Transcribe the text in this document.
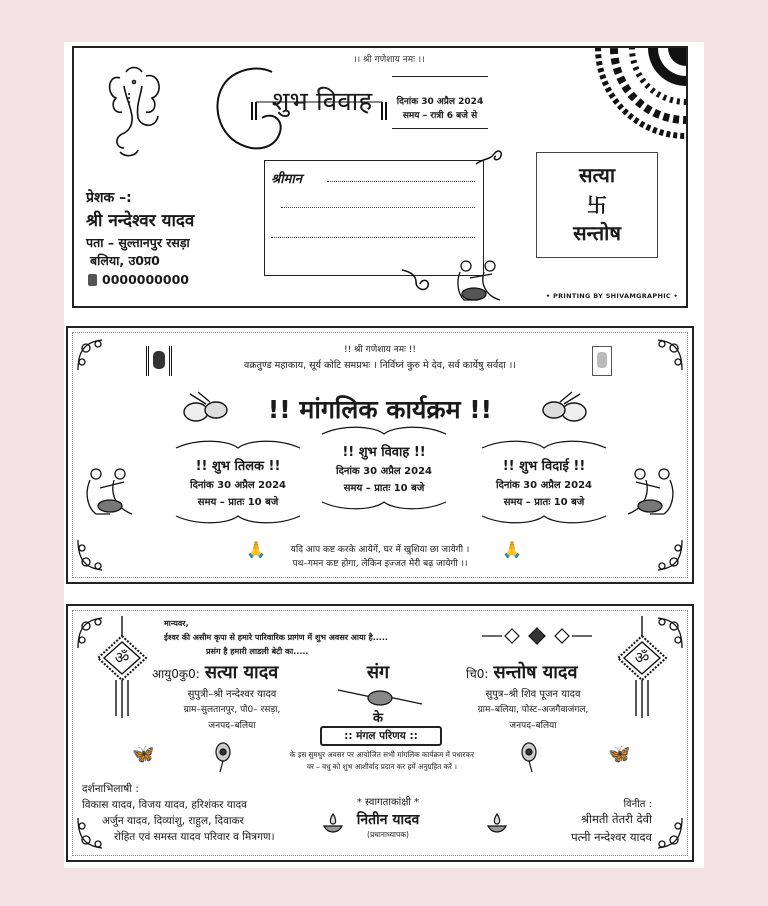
।। श्री गणेशाय नमः ।।
शुभ विवाह	दिनांक 30 अप्रैल 2024
समय – रात्री 6 बजे से
श्रीमान
प्रेशक –:
श्री नन्देश्वर यादव
पता – सुल्तानपुर रसड़ा
बलिया, उ0प्र0
0000000000
सत्या
卐
सन्तोष
• PRINTING BY SHIVAMGRAPHIC •
!! श्री गणेशाय नमः !!
वक्रतुण्ड महाकाय, सूर्य कोटि समप्रभः । निर्विघ्नं कुरु मे देव, सर्व कार्येषु सर्वदा ।।
!! मांगलिक कार्यक्रम !!
!! शुभ तिलक !!
दिनांक 30 अप्रैल 2024
समय – प्रातः 10 बजे
!! शुभ विवाह !!
दिनांक 30 अप्रैल 2024
समय – प्रातः 10 बजे
!! शुभ विदाई !!
दिनांक 30 अप्रैल 2024
समय – प्रातः 10 बजे
🙏	🙏
यदि आप कष्ट करके आयेगें, घर में खुशिया छा जायेगी ।
पथ–गमन कष्ट होगा, लेकिन इज्जत मेरी बढ़ जायेगी ।।
ॐ	ॐ
मान्यवर,
ईश्वर की असीम कृपा से हमारे पारिवारिक प्रागंण में शुभ अवसर आया है.....
प्रसंग है हमारी लाडली बेटी का.....
आयु0कु0: सत्या यादव
सुपुत्री–श्री नन्देश्वर यादव
ग्राम–सुलतानपुर, पो0– रसड़ा,
जनपद–बलिया
संग
के
:: मंगल परिणय ::
के इस सुमधुर अवसर पर आयोजित सभी मांगलिक कार्यक्रम में पधारकर
वर – वधु को शुभ आशीर्वाद प्रदान कर हमें अनुग्रहित करें ।
चि0: सन्तोष यादव
सुपुत्र–श्री शिव पूजन यादव
ग्राम–बलिया, पोस्ट–अजगैवाजंगल,
जनपद–बलिया
🦋	🦋
दर्शनाभिलाषी :
विकास यादव, विजय यादव, हरिशंकर यादव
अर्जुन यादव, दिव्यांशु, राहुल, दिवाकर
रोहित एवं समस्त यादव परिवार व मित्रगण।
* स्वागताकांक्षी *
नितीन यादव
(प्रधानाध्यापक)
विनीत :
श्रीमती तेतरी देवी
पत्नी नन्देश्वर यादव
